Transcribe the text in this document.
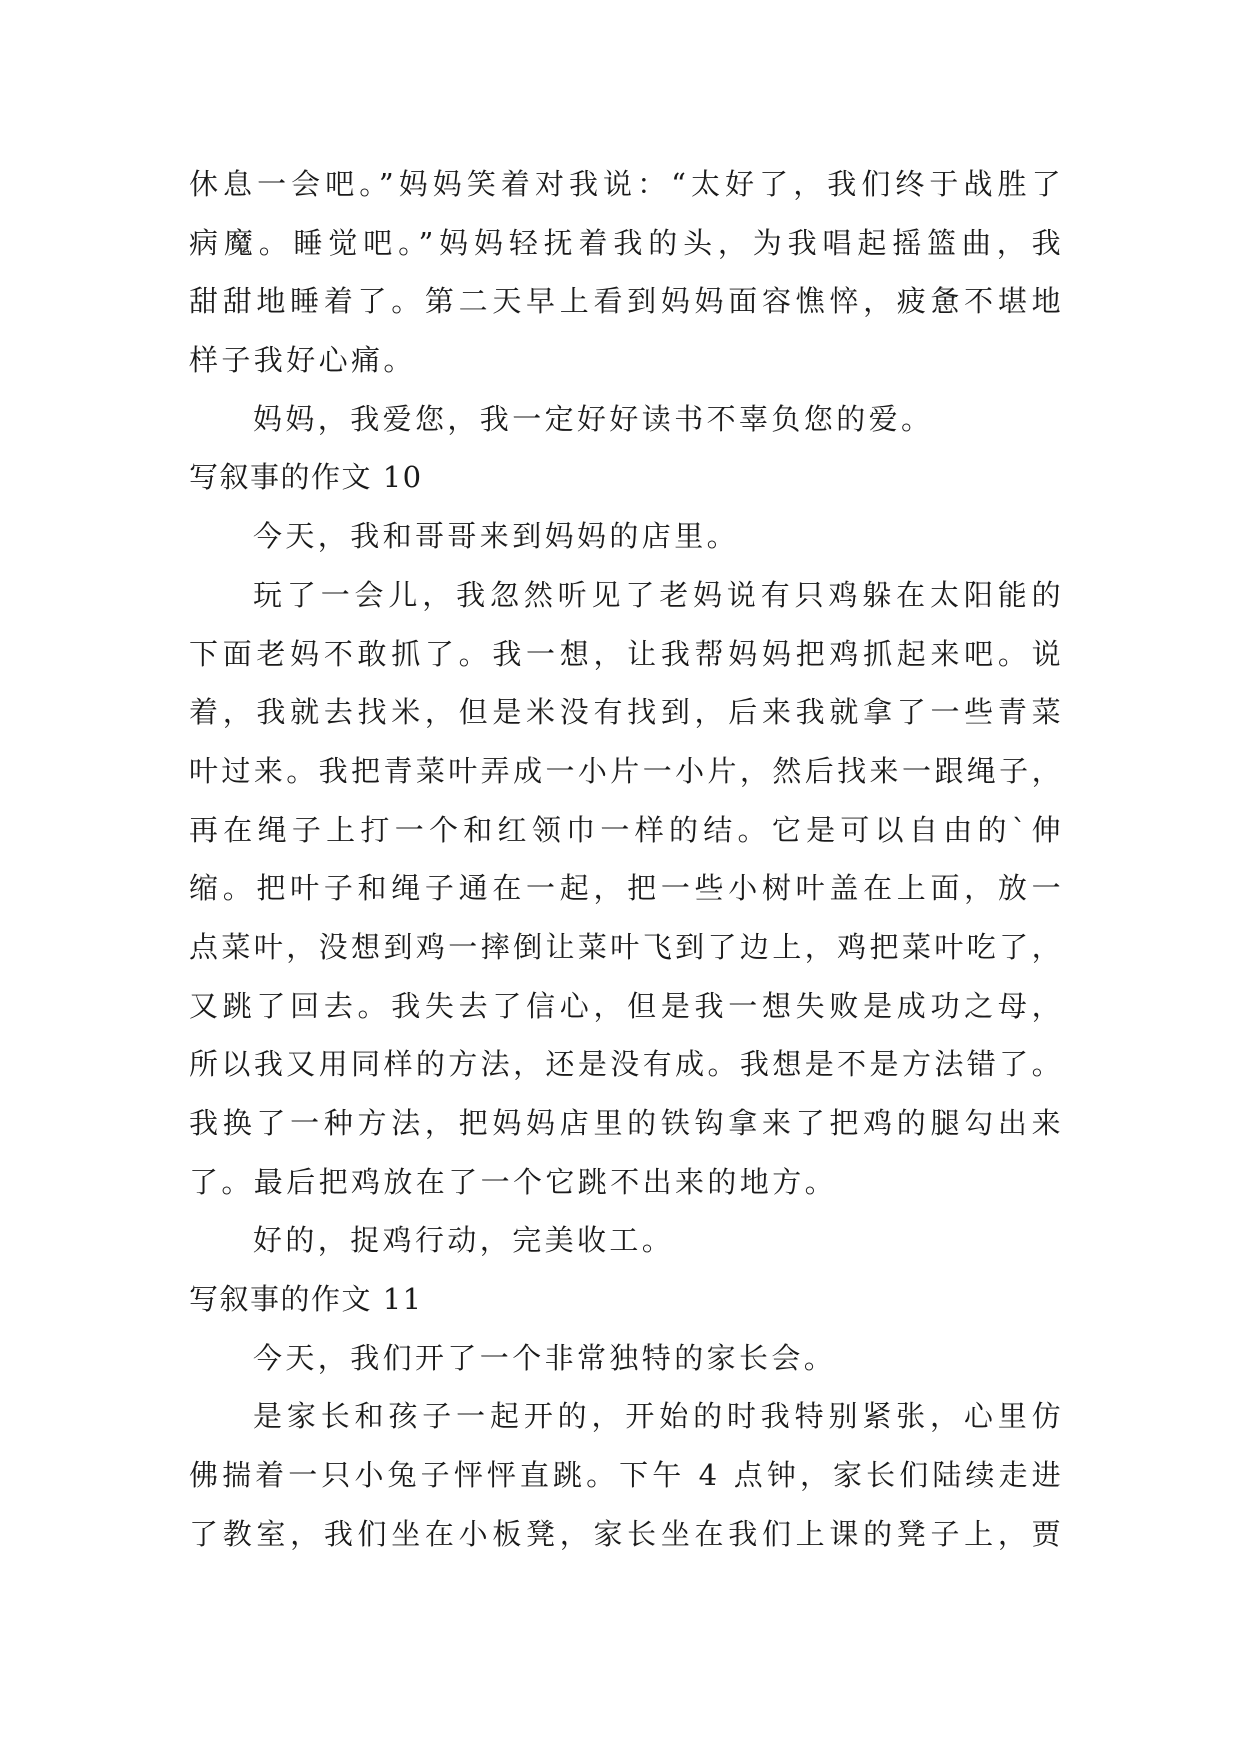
休息一会吧。”妈妈笑着对我说：“太好了，我们终于战胜了
病魔。睡觉吧。”妈妈轻抚着我的头，为我唱起摇篮曲，我
甜甜地睡着了。第二天早上看到妈妈面容憔悴，疲惫不堪地
样子我好心痛。
妈妈，我爱您，我一定好好读书不辜负您的爱。
写叙事的作文 10
今天，我和哥哥来到妈妈的店里。
玩了一会儿，我忽然听见了老妈说有只鸡躲在太阳能的
下面老妈不敢抓了。我一想，让我帮妈妈把鸡抓起来吧。说
着，我就去找米，但是米没有找到，后来我就拿了一些青菜
叶过来。我把青菜叶弄成一小片一小片，然后找来一跟绳子，
再在绳子上打一个和红领巾一样的结。它是可以自由的`伸
缩。把叶子和绳子通在一起，把一些小树叶盖在上面，放一
点菜叶，没想到鸡一摔倒让菜叶飞到了边上，鸡把菜叶吃了，
又跳了回去。我失去了信心，但是我一想失败是成功之母，
所以我又用同样的方法，还是没有成。我想是不是方法错了。
我换了一种方法，把妈妈店里的铁钩拿来了把鸡的腿勾出来
了。最后把鸡放在了一个它跳不出来的地方。
好的，捉鸡行动，完美收工。
写叙事的作文 11
今天，我们开了一个非常独特的家长会。
是家长和孩子一起开的，开始的时我特别紧张，心里仿
佛揣着一只小兔子怦怦直跳。下午 4 点钟，家长们陆续走进
了教室，我们坐在小板凳，家长坐在我们上课的凳子上，贾
